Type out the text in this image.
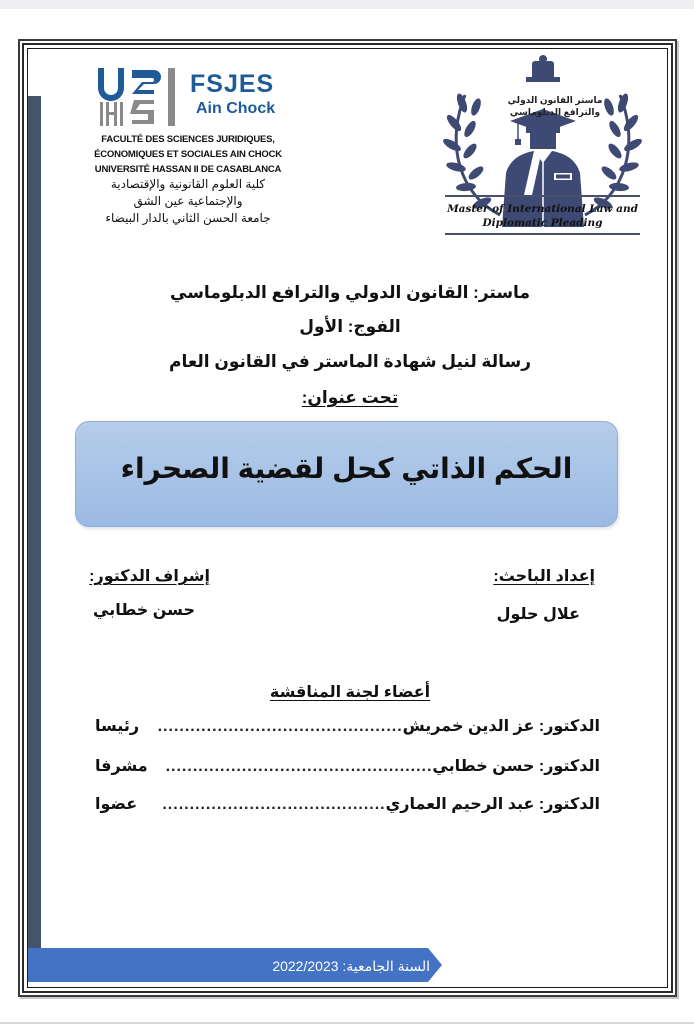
FSJES
Ain Chock
FACULTÉ DES SCIENCES JURIDIQUES,
ÉCONOMIQUES ET SOCIALES AIN CHOCK
UNIVERSITÉ HASSAN II DE CASABLANCA
كلية العلوم القانونية والإقتصادية
والإجتماعية عين الشق
جامعة الحسن الثاني بالدار البيضاء
ماستر القانون الدولي
والترافع الدبلوماسي
Master of International Law and
Diplomatic Pleading
ماستر: القانون الدولي والترافع الدبلوماسي
الفوج: الأول
رسالة لنيل شهادة الماستر في القانون العام
تحت عنوان:
الحكم الذاتي كحل لقضية الصحراء
إعداد الباحث:
علال حلول
إشراف الدكتور:
حسن خطابي
أعضاء لجنة المناقشة
الدكتور:

عز الدين خمريش
.............................................
رئيسا
الدكتور:

حسن خطابي
.................................................
مشرفا
الدكتور:

عبد الرحيم العماري
.........................................
عضوا
السنة الجامعية: 2022/2023
